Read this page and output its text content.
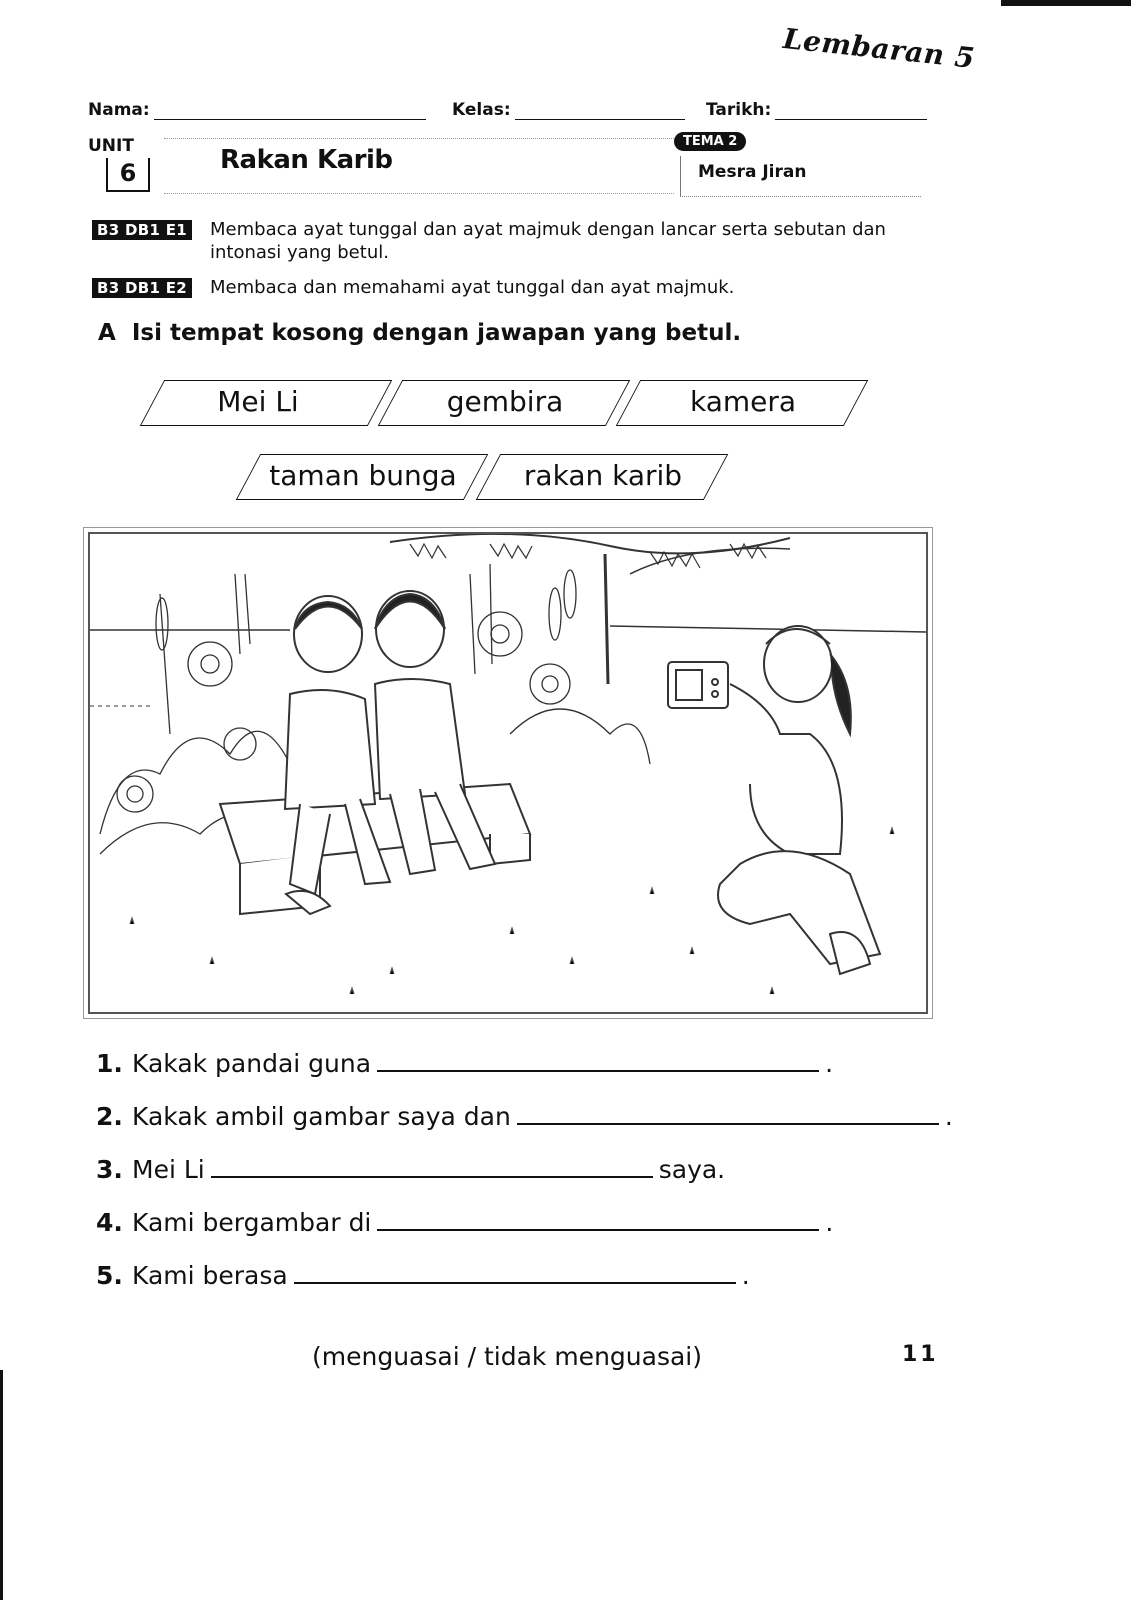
Lembaran 5
Nama:	Kelas:	Tarikh:
UNIT
6	Rakan Karib
TEMA 2
Mesra Jiran
B3 DB1 E1 Membaca ayat tunggal dan ayat majmuk dengan lancar serta sebutan dan
intonasi yang betul.
B3 DB1 E2 Membaca dan memahami ayat tunggal dan ayat majmuk.
A Isi tempat kosong dengan jawapan yang betul.
Mei Li	gembira	kamera
taman bunga	rakan karib
1. Kakak pandai guna	.
2. Kakak ambil gambar saya dan	.
3. Mei Li	saya.
4. Kami bergambar di	.
5. Kami berasa	.
(menguasai / tidak menguasai)	11
